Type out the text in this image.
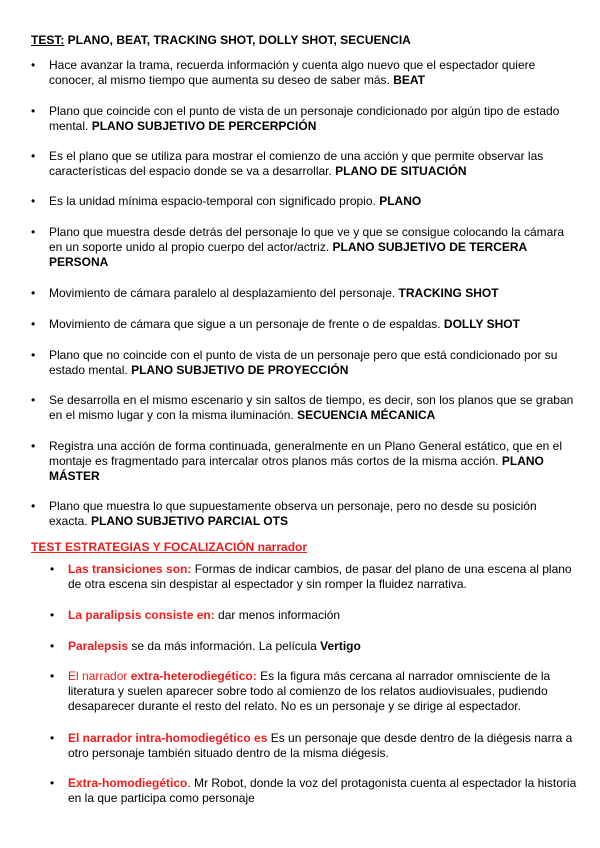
TEST: PLANO, BEAT, TRACKING SHOT, DOLLY SHOT, SECUENCIA
•	Hace avanzar la trama, recuerda información y cuenta algo nuevo que el espectador quiere conocer, al mismo tiempo que aumenta su deseo de saber más. BEAT
•	Plano que coincide con el punto de vista de un personaje condicionado por algún tipo de estado mental. PLANO SUBJETIVO DE PERCERPCIÓN
•	Es el plano que se utiliza para mostrar el comienzo de una acción y que permite observar las características del espacio donde se va a desarrollar. PLANO DE SITUACIÓN
•	Es la unidad mínima espacio-temporal con significado propio. PLANO
•	Plano que muestra desde detrás del personaje lo que ve y que se consigue colocando la cámara en un soporte unido al propio cuerpo del actor/actriz. PLANO SUBJETIVO DE TERCERA PERSONA
•	Movimiento de cámara paralelo al desplazamiento del personaje. TRACKING SHOT
•	Movimiento de cámara que sigue a un personaje de frente o de espaldas. DOLLY SHOT
•	Plano que no coincide con el punto de vista de un personaje pero que está condicionado por su estado mental. PLANO SUBJETIVO DE PROYECCIÓN
•	Se desarrolla en el mismo escenario y sin saltos de tiempo, es decir, son los planos que se graban en el mismo lugar y con la misma iluminación. SECUENCIA MÉCANICA
•	Registra una acción de forma continuada, generalmente en un Plano General estático, que en el montaje es fragmentado para intercalar otros planos más cortos de la misma acción. PLANO MÁSTER
•	Plano que muestra lo que supuestamente observa un personaje, pero no desde su posición exacta. PLANO SUBJETIVO PARCIAL OTS
TEST ESTRATEGIAS Y FOCALIZACIÓN narrador
•	Las transiciones son: Formas de indicar cambios, de pasar del plano de una escena al plano de otra escena sin despistar al espectador y sin romper la fluidez narrativa.
•	La paralipsis consiste en: dar menos información
•	Paralepsis se da más información. La película Vertigo
•	El narrador extra-heterodiegético: Es la figura más cercana al narrador omnisciente de la literatura y suelen aparecer sobre todo al comienzo de los relatos audiovisuales, pudiendo desaparecer durante el resto del relato. No es un personaje y se dirige al espectador.
•	El narrador intra-homodiegético es Es un personaje que desde dentro de la diégesis narra a otro personaje también situado dentro de la misma diégesis.
•	Extra-homodiegético. Mr Robot, donde la voz del protagonista cuenta al espectador la historia en la que participa como personaje
